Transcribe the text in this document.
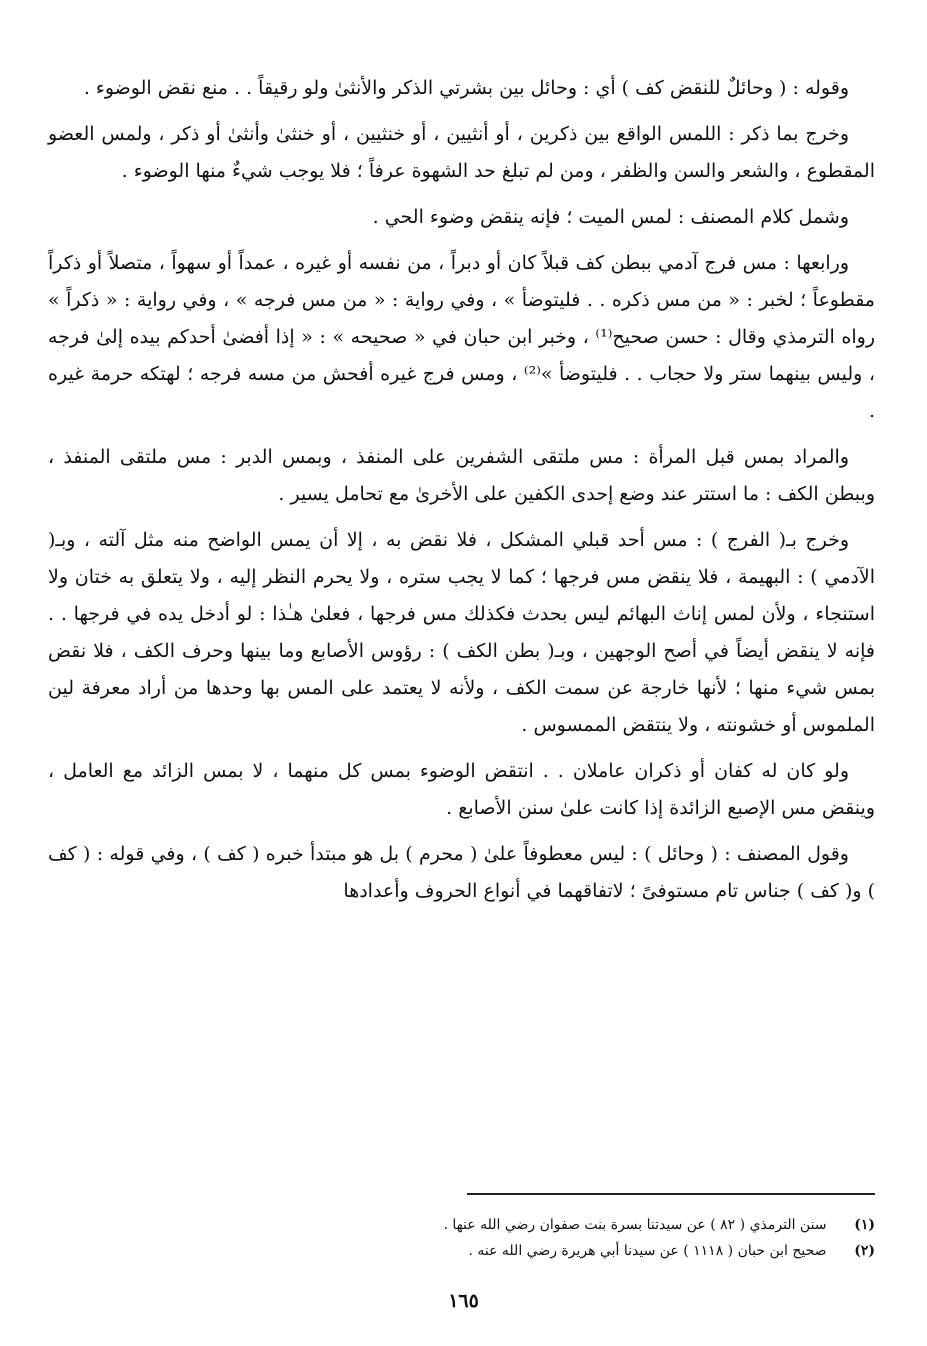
وقوله : ( وحائلٌ للنقض كف ) أي : وحائل بين بشرتي الذكر والأنثىٰ ولو رقيقاً . . منع نقض الوضوء .

وخرج بما ذكر : اللمس الواقع بين ذكرين ، أو أنثيين ، أو خنثيين ، أو خنثىٰ وأنثىٰ أو ذكر ، ولمس العضو المقطوع ، والشعر والسن والظفر ، ومن لم تبلغ حد الشهوة عرفاً ؛ فلا يوجب شيءٌ منها الوضوء .

وشمل كلام المصنف : لمس الميت ؛ فإنه ينقض وضوء الحي .

ورابعها : مس فرج آدمي ببطن كف قبلاً كان أو دبراً ، من نفسه أو غيره ، عمداً أو سهواً ، متصلاً أو ذكراً مقطوعاً ؛ لخبر : « من مس ذكره . . فليتوضأ » ، وفي رواية : « من مس فرجه » ، وفي رواية : « ذكراً » رواه الترمذي وقال : حسن صحيح⁽¹⁾ ، وخبر ابن حبان في « صحيحه » : « إذا أفضىٰ أحدكم بيده إلىٰ فرجه ، وليس بينهما ستر ولا حجاب . . فليتوضأ »⁽²⁾ ، ومس فرج غيره أفحش من مسه فرجه ؛ لهتكه حرمة غيره .

والمراد بمس قبل المرأة : مس ملتقى الشفرين على المنفذ ، وبمس الدبر : مس ملتقى المنفذ ، وببطن الكف : ما استتر عند وضع إحدى الكفين على الأخرىٰ مع تحامل يسير .

وخرج بـ( الفرج ) : مس أحد قبلي المشكل ، فلا نقض به ، إلا أن يمس الواضح منه مثل آلته ، وبـ( الآدمي ) : البهيمة ، فلا ينقض مس فرجها ؛ كما لا يجب ستره ، ولا يحرم النظر إليه ، ولا يتعلق به ختان ولا استنجاء ، ولأن لمس إناث البهائم ليس بحدث فكذلك مس فرجها ، فعلىٰ هـٰذا : لو أدخل يده في فرجها . . فإنه لا ينقض أيضاً في أصح الوجهين ، وبـ( بطن الكف ) : رؤوس الأصابع وما بينها وحرف الكف ، فلا نقض بمس شيء منها ؛ لأنها خارجة عن سمت الكف ، ولأنه لا يعتمد على المس بها وحدها من أراد معرفة لين الملموس أو خشونته ، ولا ينتقض الممسوس .

ولو كان له كفان أو ذكران عاملان . . انتقض الوضوء بمس كل منهما ، لا بمس الزائد مع العامل ، وينقض مس الإصبع الزائدة إذا كانت علىٰ سنن الأصابع .

وقول المصنف : ( وحائل ) : ليس معطوفاً علىٰ ( محرم ) بل هو مبتدأ خبره ( كف ) ، وفي قوله : ( كف ) و( كف ) جناس تام مستوفىً ؛ لاتفاقهما في أنواع الحروف وأعدادها

(١) سنن الترمذي ( ٨٢ ) عن سيدتنا بسرة بنت صفوان رضي الله عنها .
(٢) صحيح ابن حبان ( ١١١٨ ) عن سيدنا أبي هريرة رضي الله عنه .
١٦٥
